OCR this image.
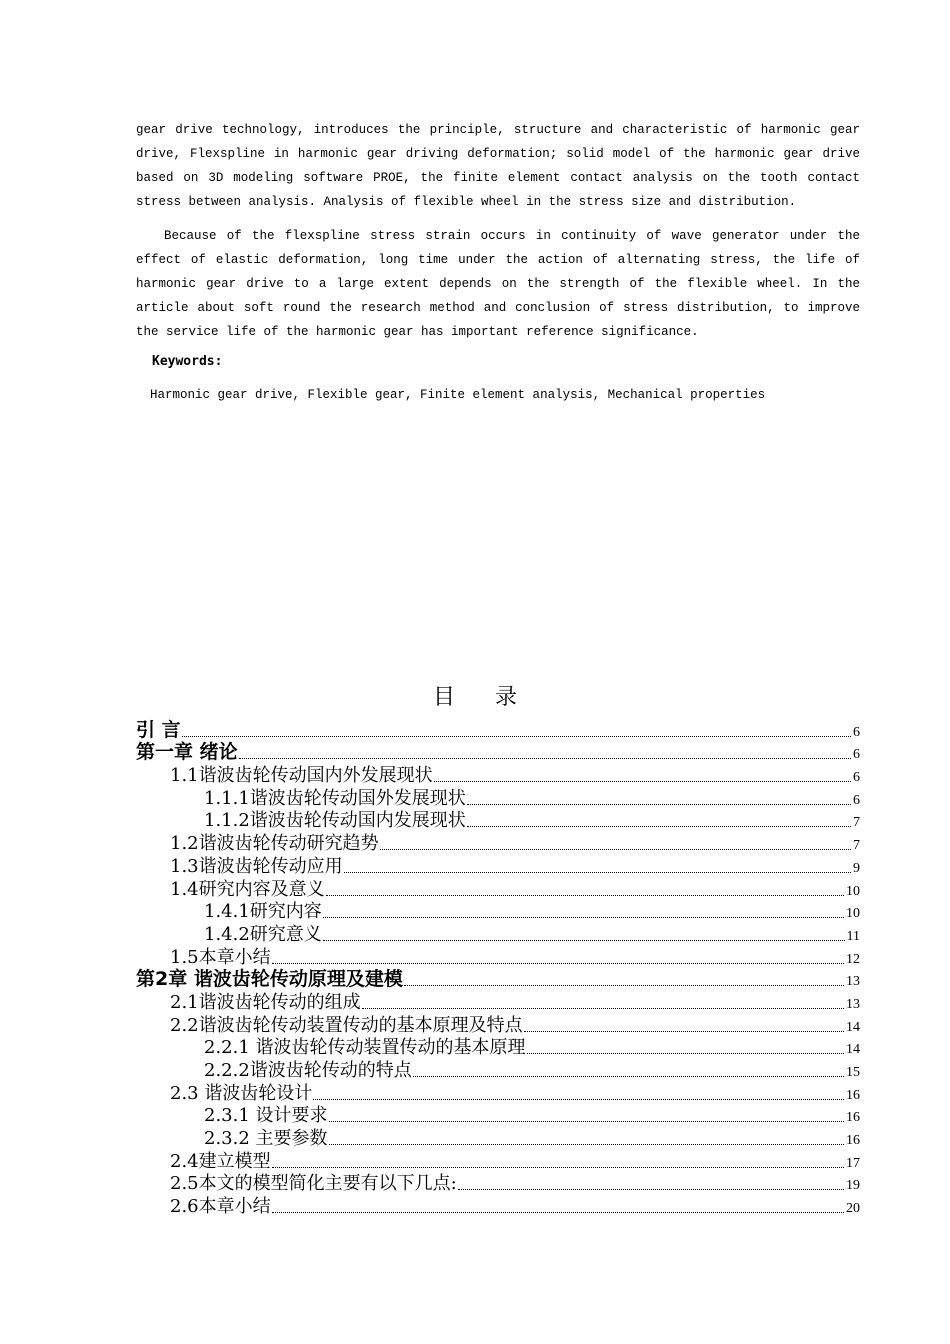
gear drive technology, introduces the principle, structure and characteristic of harmonic gear drive, Flexspline in harmonic gear driving deformation; solid model of the harmonic gear drive based on 3D modeling software PROE, the finite element contact analysis on the tooth contact stress between analysis. Analysis of flexible wheel in the stress size and distribution.

Because of the flexspline stress strain occurs in continuity of wave generator under the effect of elastic deformation, long time under the action of alternating stress, the life of harmonic gear drive to a large extent depends on the strength of the flexible wheel. In the article about soft round the research method and conclusion of stress distribution, to improve the service life of the harmonic gear has important reference significance.

Keywords:
Harmonic gear drive, Flexible gear, Finite element analysis, Mechanical properties
目录
引 言	6
第一章 绪论	6
1.1谐波齿轮传动国内外发展现状	6
1.1.1谐波齿轮传动国外发展现状	6
1.1.2谐波齿轮传动国内发展现状	7
1.2谐波齿轮传动研究趋势	7
1.3谐波齿轮传动应用	9
1.4研究内容及意义	10
1.4.1研究内容	10
1.4.2研究意义	11
1.5本章小结	12
第2章 谐波齿轮传动原理及建模	13
2.1谐波齿轮传动的组成	13
2.2谐波齿轮传动装置传动的基本原理及特点	14
2.2.1 谐波齿轮传动装置传动的基本原理	14
2.2.2谐波齿轮传动的特点	15
2.3 谐波齿轮设计	16
2.3.1 设计要求	16
2.3.2 主要参数	16
2.4建立模型	17
2.5本文的模型简化主要有以下几点:	19
2.6本章小结	20
